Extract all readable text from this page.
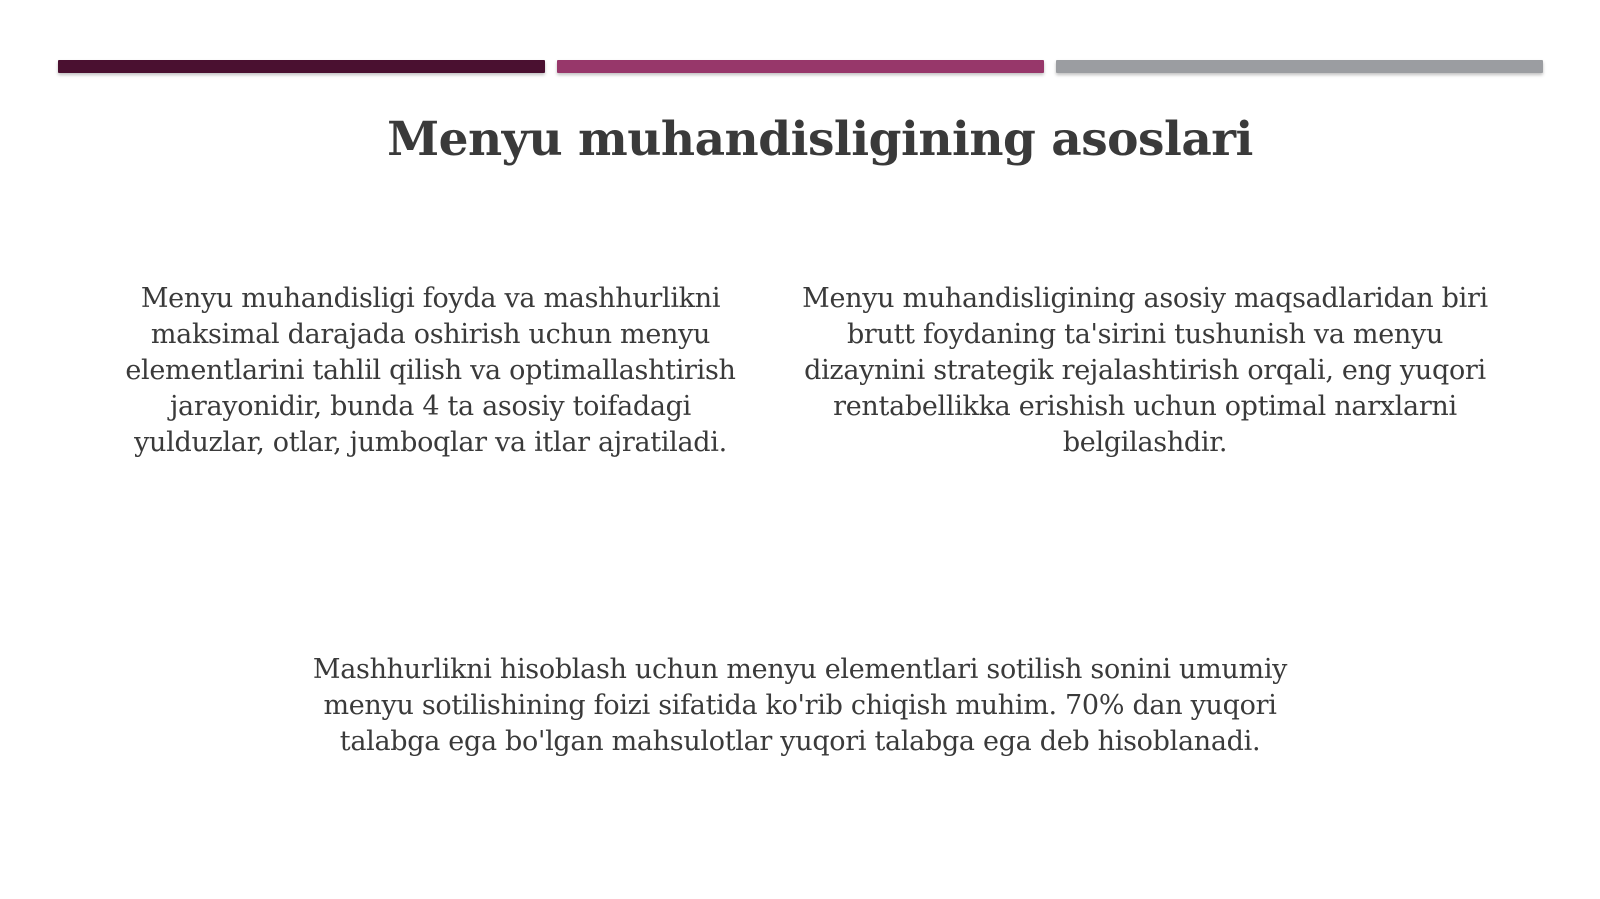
Menyu muhandisligining asoslari
Menyu muhandisligi foyda va mashhurlikni maksimal darajada oshirish uchun menyu elementlarini tahlil qilish va optimallashtirish jarayonidir, bunda 4 ta asosiy toifadagi yulduzlar, otlar, jumboqlar va itlar ajratiladi.
Menyu muhandisligining asosiy maqsadlaridan biri brutt foydaning ta'sirini tushunish va menyu dizaynini strategik rejalashtirish orqali, eng yuqori rentabellikka erishish uchun optimal narxlarni belgilashdir.
Mashhurlikni hisoblash uchun menyu elementlari sotilish sonini umumiy menyu sotilishining foizi sifatida ko'rib chiqish muhim. 70% dan yuqori talabga ega bo'lgan mahsulotlar yuqori talabga ega deb hisoblanadi.
